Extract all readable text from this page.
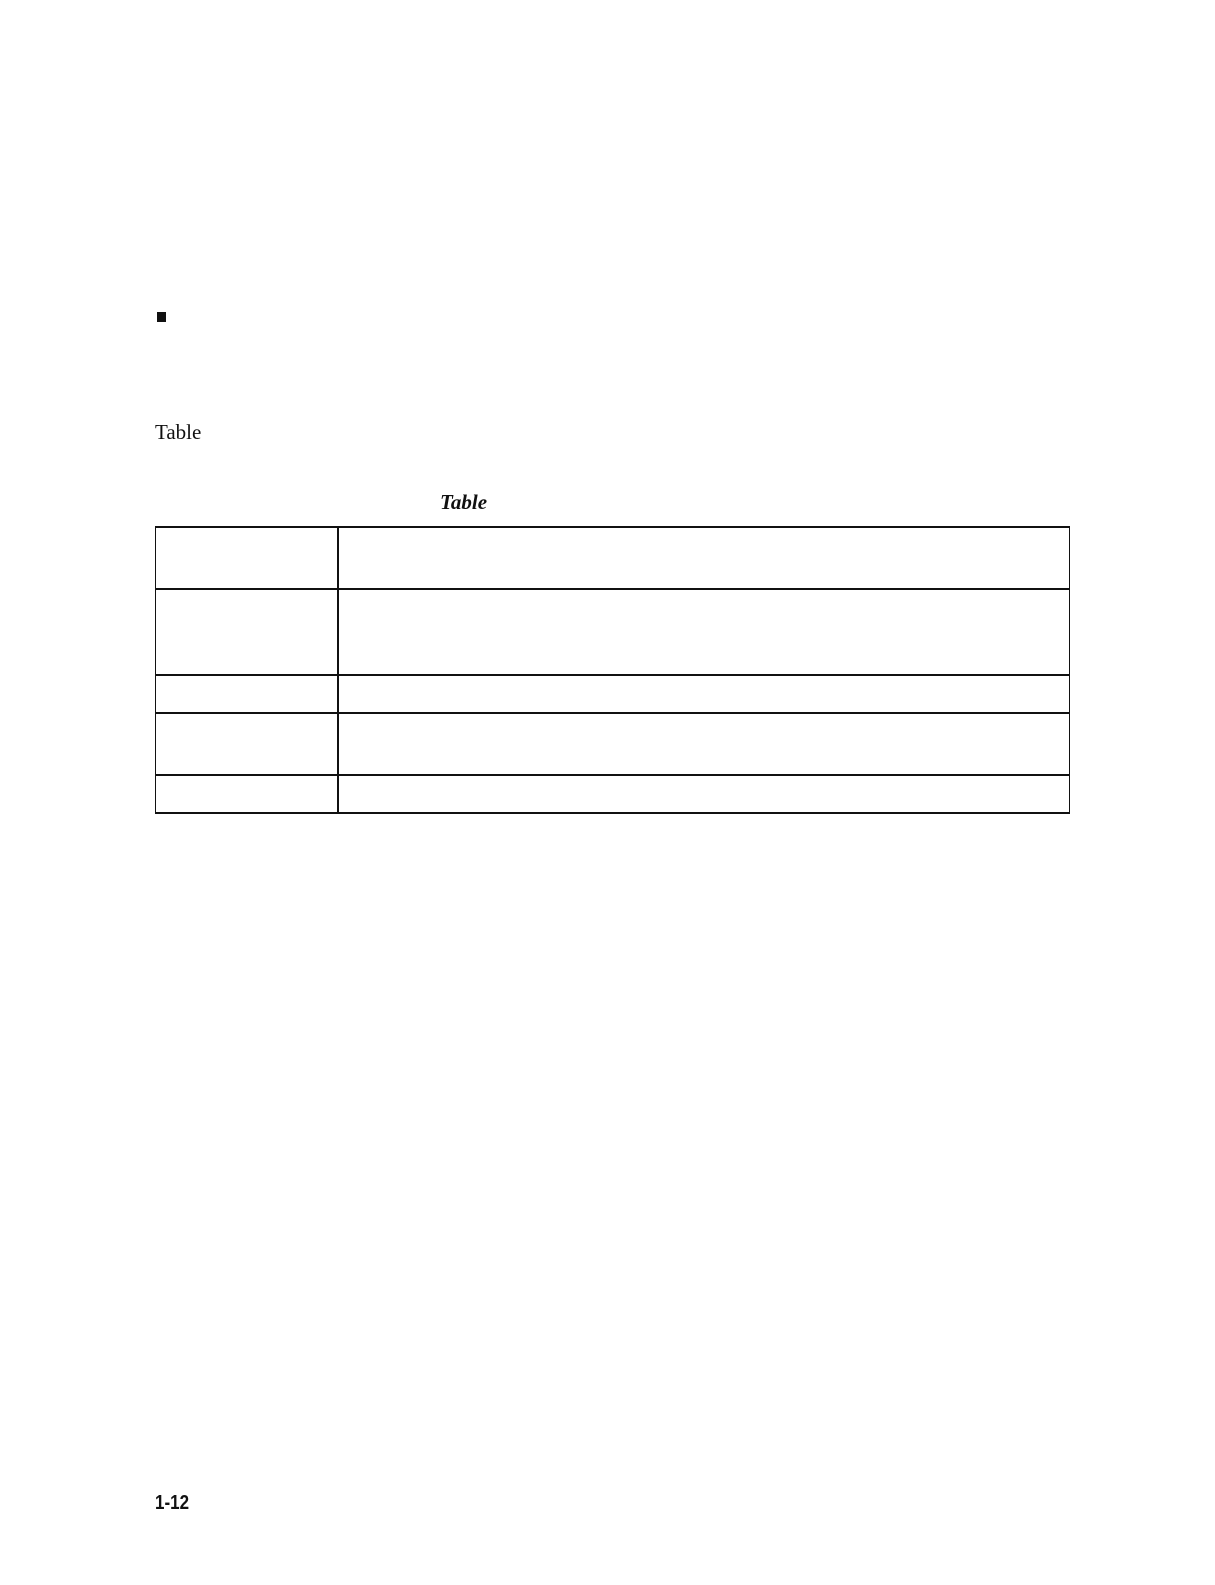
Table
Table

1-12
